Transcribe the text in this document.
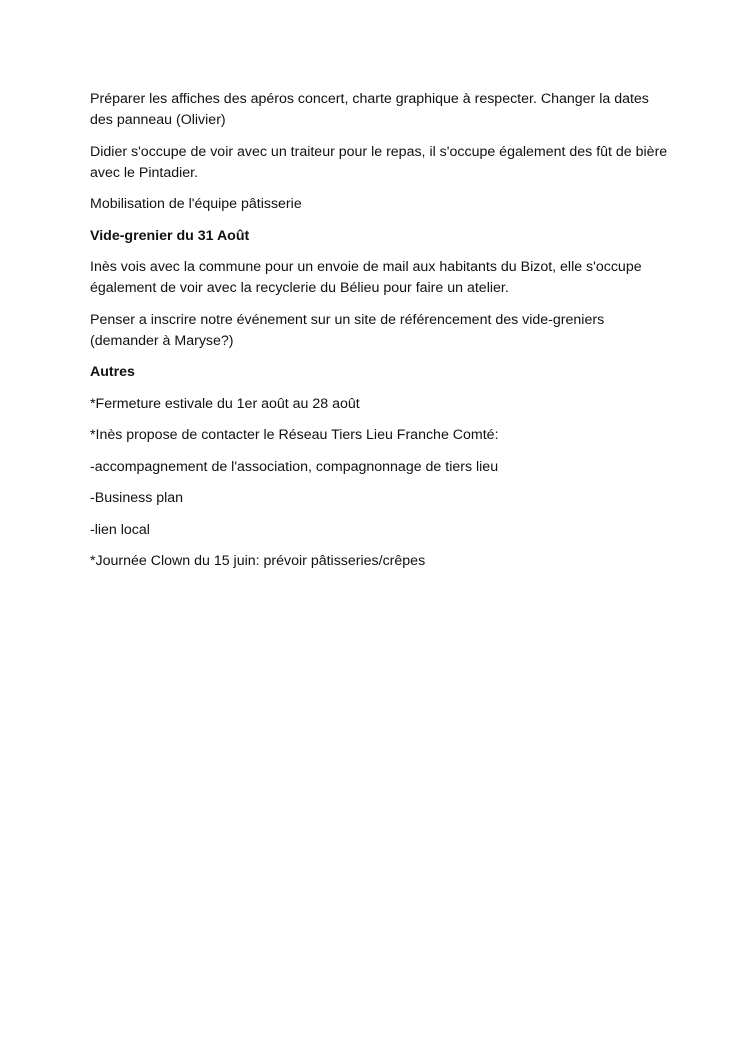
Préparer les affiches des apéros concert, charte graphique à respecter. Changer la dates des panneau (Olivier)

Didier s'occupe de voir avec un traiteur pour le repas, il s'occupe également des fût de bière avec le Pintadier.

Mobilisation de l'équipe pâtisserie

Vide-grenier du 31 Août

Inès vois avec la commune pour un envoie de mail aux habitants du Bizot, elle s'occupe également de voir avec la recyclerie du Bélieu pour faire un atelier.

Penser a inscrire notre événement sur un site de référencement des vide-greniers (demander à Maryse?)

Autres

*Fermeture estivale du 1er août au 28 août

*Inès propose de contacter le Réseau Tiers Lieu Franche Comté:

-accompagnement de l'association, compagnonnage de tiers lieu

-Business plan

-lien local

*Journée Clown du 15 juin: prévoir pâtisseries/crêpes
